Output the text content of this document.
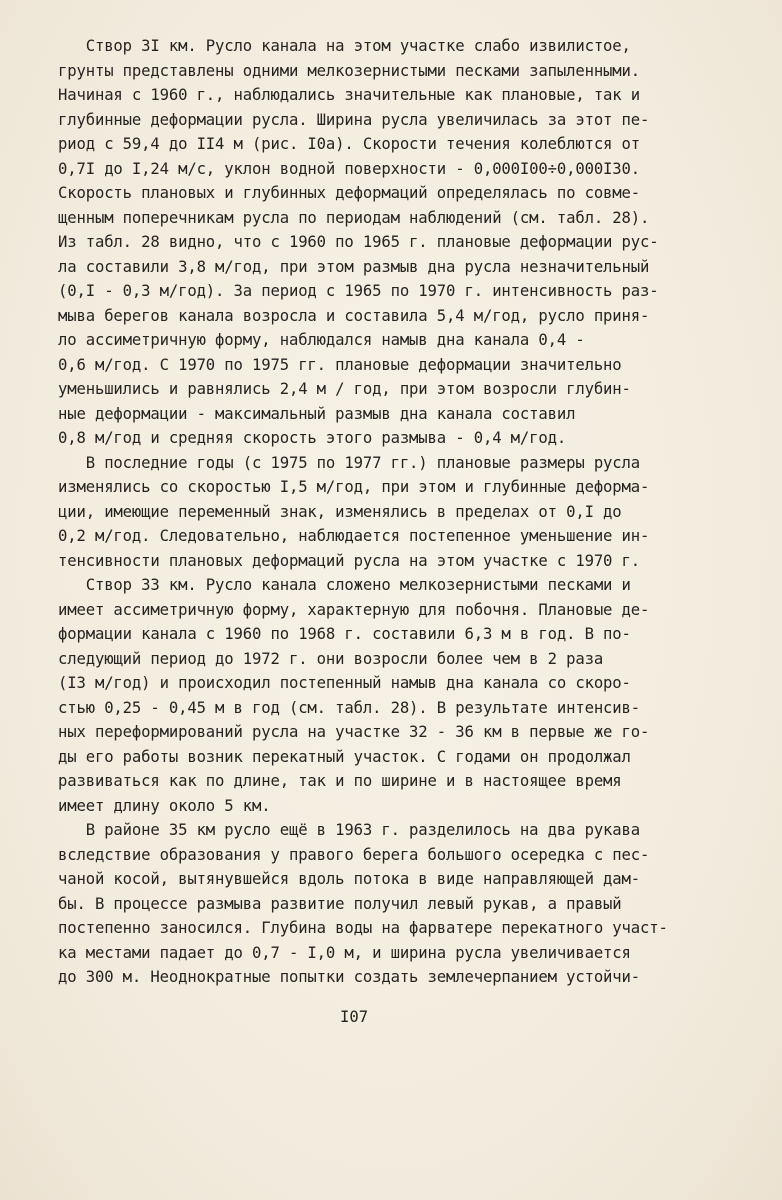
Створ 3I км. Русло канала на этом участке слабо извилистое,
грунты представлены одними мелкозернистыми песками запыленными.
Начиная с 1960 г., наблюдались значительные как плановые, так и
глубинные деформации русла. Ширина русла увеличилась за этот пе-
риод с 59,4 до II4 м (рис. I0а). Скорости течения колеблются от
0,7I до I,24 м/с, уклон водной поверхности - 0,000I00÷0,000I30.
Скорость плановых и глубинных деформаций определялась по совме-
щенным поперечникам русла по периодам наблюдений (см. табл. 28).
Из табл. 28 видно, что с 1960 по 1965 г. плановые деформации рус-
ла составили 3,8 м/год, при этом размыв дна русла незначительный
(0,I - 0,3 м/год). За период с 1965 по 1970 г. интенсивность раз-
мыва берегов канала возросла и составила 5,4 м/год, русло приня-
ло ассиметричную форму, наблюдался намыв дна канала 0,4 -
0,6 м/год. С 1970 по 1975 гг. плановые деформации значительно
уменьшились и равнялись 2,4 м / год, при этом возросли глубин-
ные деформации - максимальный размыв дна канала составил
0,8 м/год и средняя скорость этого размыва - 0,4 м/год.
В последние годы (с 1975 по 1977 гг.) плановые размеры русла
изменялись со скоростью I,5 м/год, при этом и глубинные деформа-
ции, имеющие переменный знак, изменялись в пределах от 0,I до
0,2 м/год. Следовательно, наблюдается постепенное уменьшение ин-
тенсивности плановых деформаций русла на этом участке с 1970 г.
Створ 33 км. Русло канала сложено мелкозернистыми песками и
имеет ассиметричную форму, характерную для побочня. Плановые де-
формации канала с 1960 по 1968 г. составили 6,3 м в год. В по-
следующий период до 1972 г. они возросли более чем в 2 раза
(I3 м/год) и происходил постепенный намыв дна канала со скоро-
стью 0,25 - 0,45 м в год (см. табл. 28). В результате интенсив-
ных переформирований русла на участке 32 - 36 км в первые же го-
ды его работы возник перекатный участок. С годами он продолжал
развиваться как по длине, так и по ширине и в настоящее время
имеет длину около 5 км.
В районе 35 км русло ещё в 1963 г. разделилось на два рукава
вследствие образования у правого берега большого осередка с пес-
чаной косой, вытянувшейся вдоль потока в виде направляющей дам-
бы. В процессе размыва развитие получил левый рукав, а правый
постепенно заносился. Глубина воды на фарватере перекатного участ-
ка местами падает до 0,7 - I,0 м, и ширина русла увеличивается
до 300 м. Неоднократные попытки создать землечерпанием устойчи-
I07
